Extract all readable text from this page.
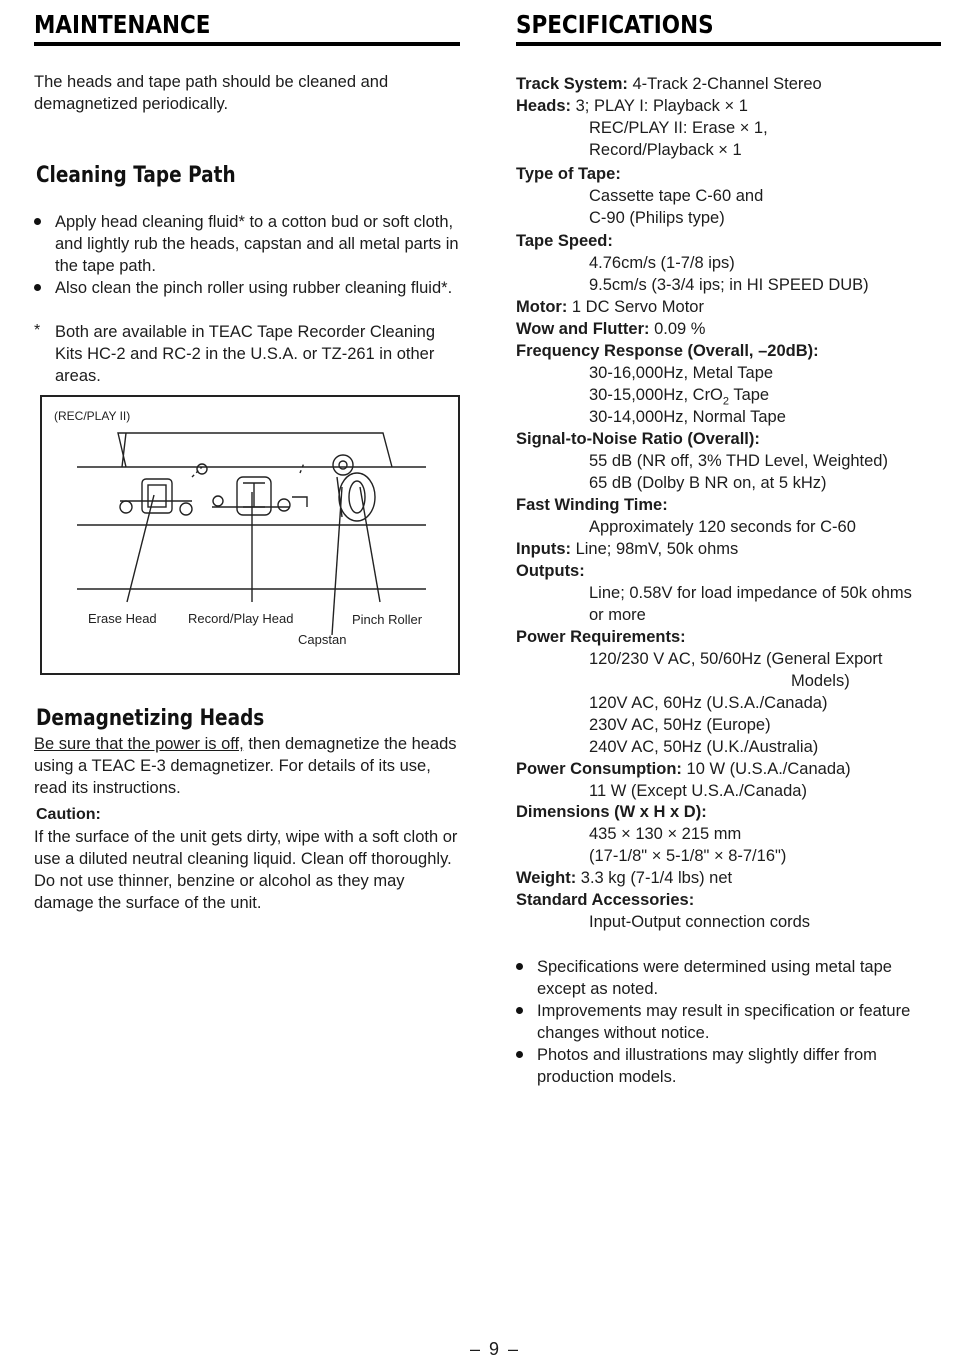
MAINTENANCE
The heads and tape path should be cleaned and demagnetized periodically.
Cleaning Tape Path
Apply head cleaning fluid* to a cotton bud or soft cloth, and lightly rub the heads, capstan and all metal parts in the tape path.
Also clean the pinch roller using rubber cleaning fluid*.
* Both are available in TEAC Tape Recorder Cleaning Kits HC-2 and RC-2 in the U.S.A. or TZ-261 in other areas.
(REC/PLAY II)
Erase Head Record/Play Head	Pinch Roller
Capstan
Demagnetizing Heads
Be sure that the power is off, then demagnetize the heads using a TEAC E-3 demagnetizer. For details of its use, read its instructions.
Caution:
If the surface of the unit gets dirty, wipe with a soft cloth or use a diluted neutral cleaning liquid. Clean off thoroughly. Do not use thinner, benzine or alcohol as they may damage the surface of the unit.
SPECIFICATIONS
Track System: 4-Track 2-Channel Stereo
Heads: 3; PLAY I: Playback × 1
REC/PLAY II: Erase × 1,
Record/Playback × 1
Type of Tape:
Cassette tape C-60 and
C-90 (Philips type)
Tape Speed:
4.76cm/s (1-7/8 ips)
9.5cm/s (3-3/4 ips; in HI SPEED DUB)
Motor: 1 DC Servo Motor
Wow and Flutter: 0.09 %
Frequency Response (Overall, –20dB):
30-16,000Hz, Metal Tape
30-15,000Hz, CrO$_2$ Tape
30-14,000Hz, Normal Tape
Signal-to-Noise Ratio (Overall):
55 dB (NR off, 3% THD Level, Weighted)
65 dB (Dolby B NR on, at 5 kHz)
Fast Winding Time:
Approximately 120 seconds for C-60
Inputs: Line; 98mV, 50k ohms
Outputs:
Line; 0.58V for load impedance of 50k ohms
or more
Power Requirements:
120/230 V AC, 50/60Hz (General Export
Models)
120V AC, 60Hz (U.S.A./Canada)
230V AC, 50Hz (Europe)
240V AC, 50Hz (U.K./Australia)
Power Consumption: 10 W (U.S.A./Canada)
11 W (Except U.S.A./Canada)
Dimensions (W x H x D):
435 × 130 × 215 mm
(17-1/8" × 5-1/8" × 8-7/16")
Weight: 3.3 kg (7-1/4 lbs) net
Standard Accessories:
Input-Output connection cords
Specifications were determined using metal tape except as noted.
Improvements may result in specification or feature changes without notice.
Photos and illustrations may slightly differ from production models.
– 9 –
